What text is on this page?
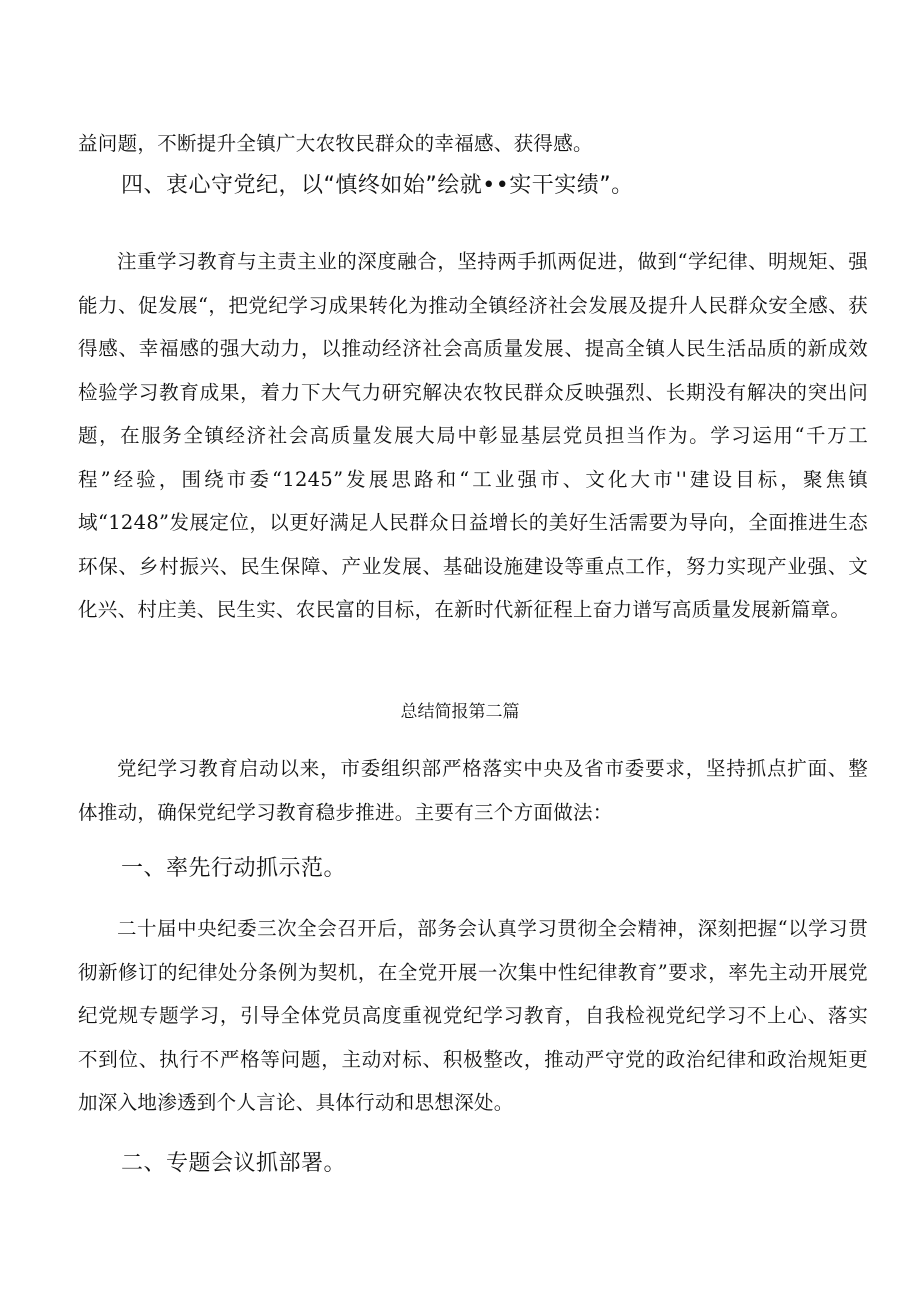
益问题，不断提升全镇广大农牧民群众的幸福感、获得感。

四、衷心守党纪，以“慎终如始”绘就••实干实绩”。

注重学习教育与主责主业的深度融合，坚持两手抓两促进，做到“学纪律、明规矩、强能力、促发展“，把党纪学习成果转化为推动全镇经济社会发展及提升人民群众安全感、获得感、幸福感的强大动力，以推动经济社会高质量发展、提高全镇人民生活品质的新成效检验学习教育成果，着力下大气力研究解决农牧民群众反映强烈、长期没有解决的突出问题，在服务全镇经济社会高质量发展大局中彰显基层党员担当作为。学习运用“千万工程”经验，围绕市委“1245”发展思路和“工业强市、文化大市''建设目标，聚焦镇域“1248”发展定位，以更好满足人民群众日益增长的美好生活需要为导向，全面推进生态环保、乡村振兴、民生保障、产业发展、基础设施建设等重点工作，努力实现产业强、文化兴、村庄美、民生实、农民富的目标，在新时代新征程上奋力谱写高质量发展新篇章。

总结简报第二篇

党纪学习教育启动以来，市委组织部严格落实中央及省市委要求，坚持抓点扩面、整体推动，确保党纪学习教育稳步推进。主要有三个方面做法：

一、率先行动抓示范。

二十届中央纪委三次全会召开后，部务会认真学习贯彻全会精神，深刻把握“以学习贯彻新修订的纪律处分条例为契机，在全党开展一次集中性纪律教育”要求，率先主动开展党纪党规专题学习，引导全体党员高度重视党纪学习教育，自我检视党纪学习不上心、落实不到位、执行不严格等问题，主动对标、积极整改，推动严守党的政治纪律和政治规矩更加深入地渗透到个人言论、具体行动和思想深处。

二、专题会议抓部署。
